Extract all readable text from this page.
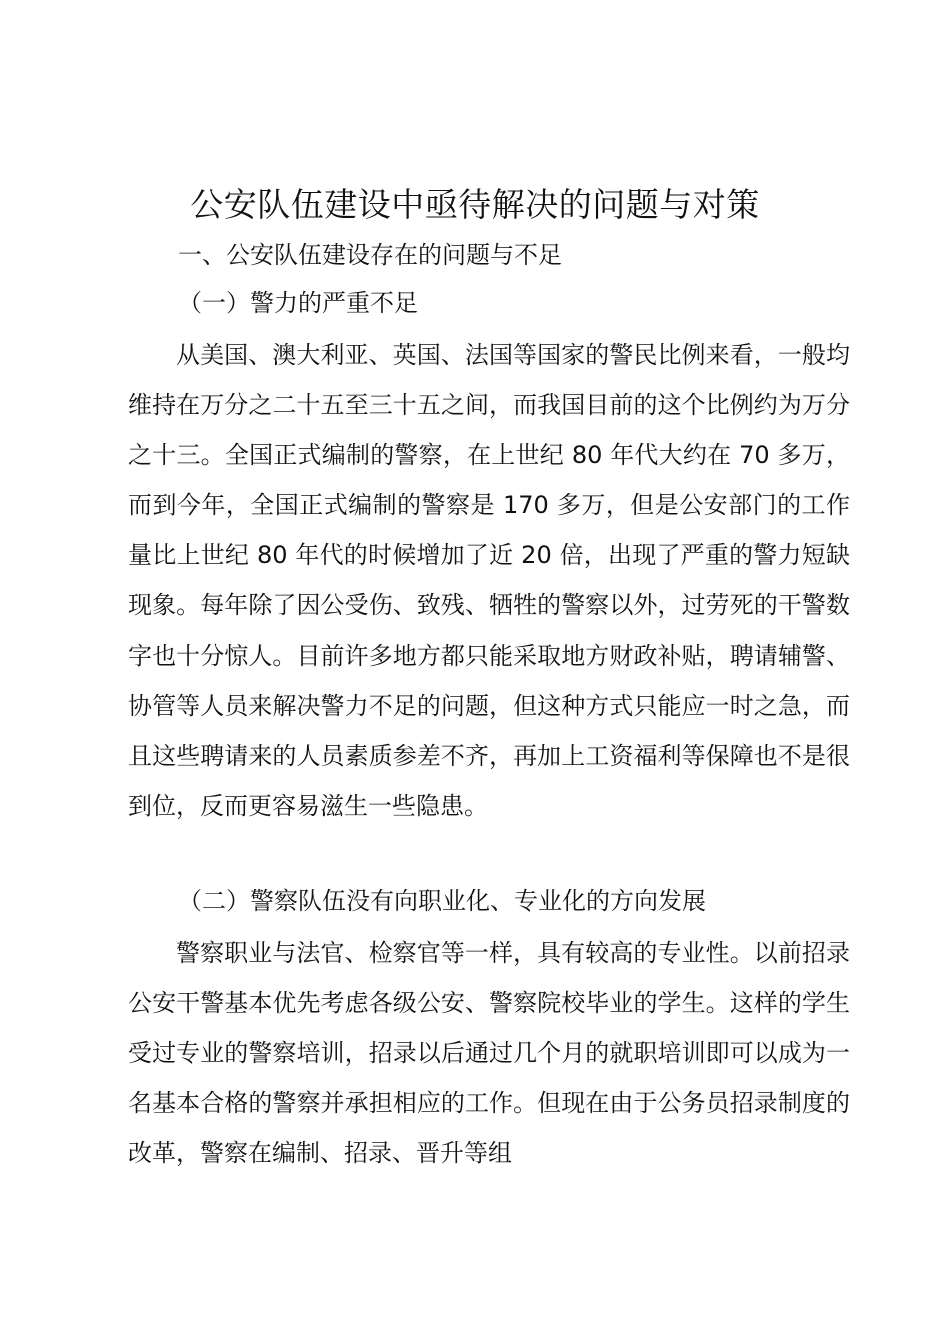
公安队伍建设中亟待解决的问题与对策
一、公安队伍建设存在的问题与不足
（一）警力的严重不足

从美国、澳大利亚、英国、法国等国家的警民比例来看，一般均维持在万分之二十五至三十五之间，而我国目前的这个比例约为万分之十三。全国正式编制的警察，在上世纪 80 年代大约在 70 多万，而到今年，全国正式编制的警察是 170 多万，但是公安部门的工作量比上世纪 80 年代的时候增加了近 20 倍，出现了严重的警力短缺现象。每年除了因公受伤、致残、牺牲的警察以外，过劳死的干警数字也十分惊人。目前许多地方都只能采取地方财政补贴，聘请辅警、协管等人员来解决警力不足的问题，但这种方式只能应一时之急，而且这些聘请来的人员素质参差不齐，再加上工资福利等保障也不是很到位，反而更容易滋生一些隐患。

（二）警察队伍没有向职业化、专业化的方向发展

警察职业与法官、检察官等一样，具有较高的专业性。以前招录公安干警基本优先考虑各级公安、警察院校毕业的学生。这样的学生受过专业的警察培训，招录以后通过几个月的就职培训即可以成为一名基本合格的警察并承担相应的工作。但现在由于公务员招录制度的改革，警察在编制、招录、晋升等组
